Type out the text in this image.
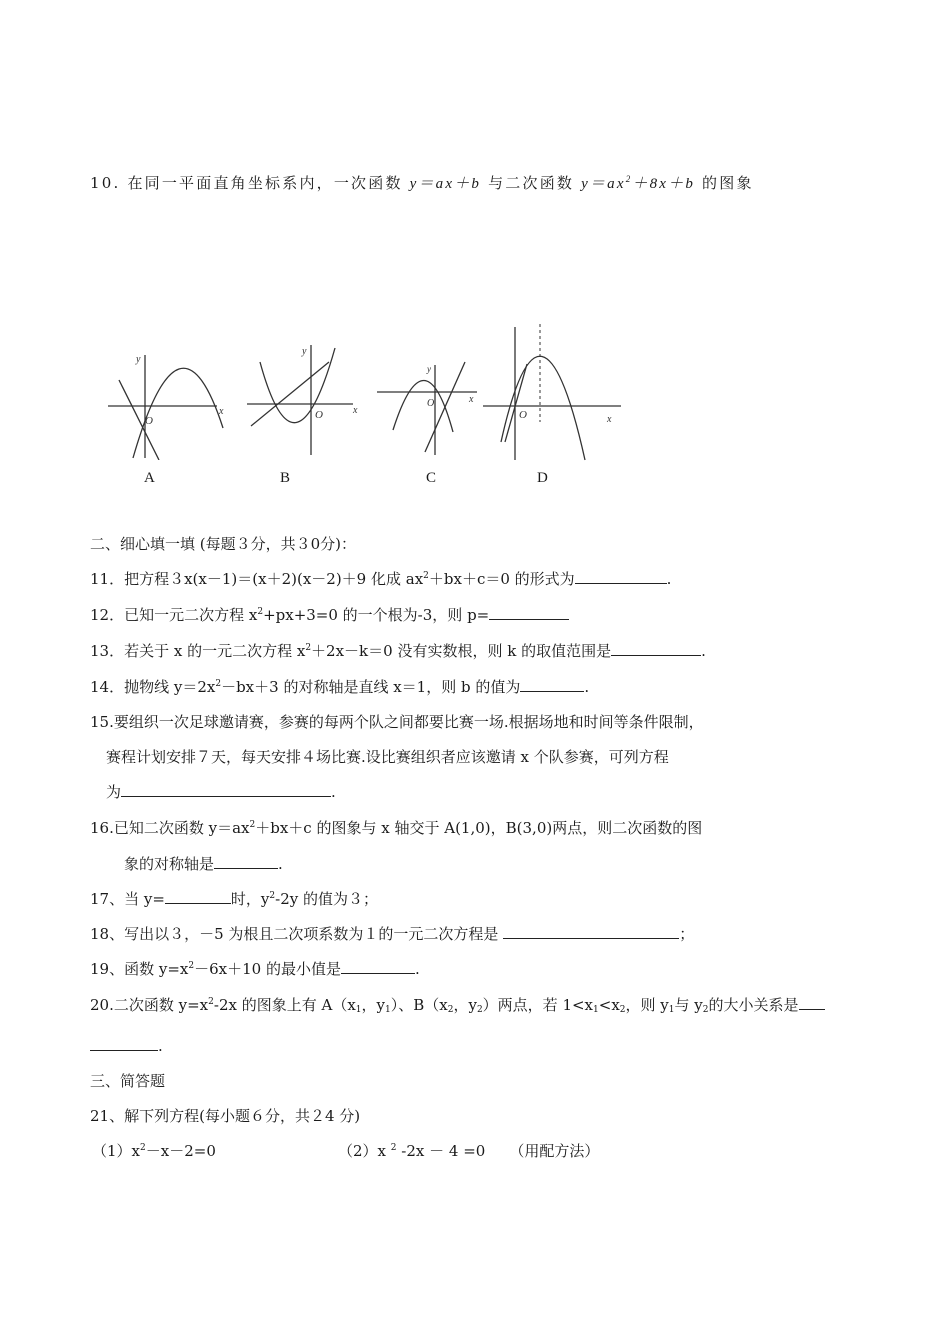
10. 在同一平面直角坐标系内，一次函数 y＝ax＋b 与二次函数 $y=ax^2+8x+b$ 的图象
y
x
O
y
x
O
y
x
O
x
O
A	B	C	D
二、细心填一填 (每题３分，共３0分)：
11．把方程３x(x－1)＝(x＋2)(x－2)＋9 化成 $ax^2+bx+c=0$ 的形式为	.
12．已知一元二次方程 $x^2+px+3=0$ 的一个根为-3，则 p=
13．若关于 x 的一元二次方程 $x^2+2x-k=0$ 没有实数根，则 k 的取值范围是	.
14．抛物线 $y=2x^2-bx+3$ 的对称轴是直线 x＝1，则 b 的值为	.
15.要组织一次足球邀请赛，参赛的每两个队之间都要比赛一场.根据场地和时间等条件限制，
赛程计划安排７天，每天安排４场比赛.设比赛组织者应该邀请 x 个队参赛，可列方程
为	.
16.已知二次函数 $y=ax^2+bx+c$ 的图象与 x 轴交于 A(1,0)，B(3,0)两点，则二次函数的图
象的对称轴是	.
17、当 y=	时，$y^2-2y$ 的值为３；
18、写出以３，－5 为根且二次项系数为１的一元二次方程是	；
19、函数 $y=x^2-6x+10$ 的最小值是	.
20.二次函数 $y=x^2-2x$ 的图象上有 $A(x_1$，$y_1$）、$B(x_2$，$y_2$）两点，若 $1<x_1<x_2$，则 $y_1$与 $y_2$的大小关系是
.
三、简答题
21、解下列方程(每小题６分，共２4 分)
$(1)x^2-x-2=0$	（2）x $^2$ -2x － 4 =0 （用配方法）
